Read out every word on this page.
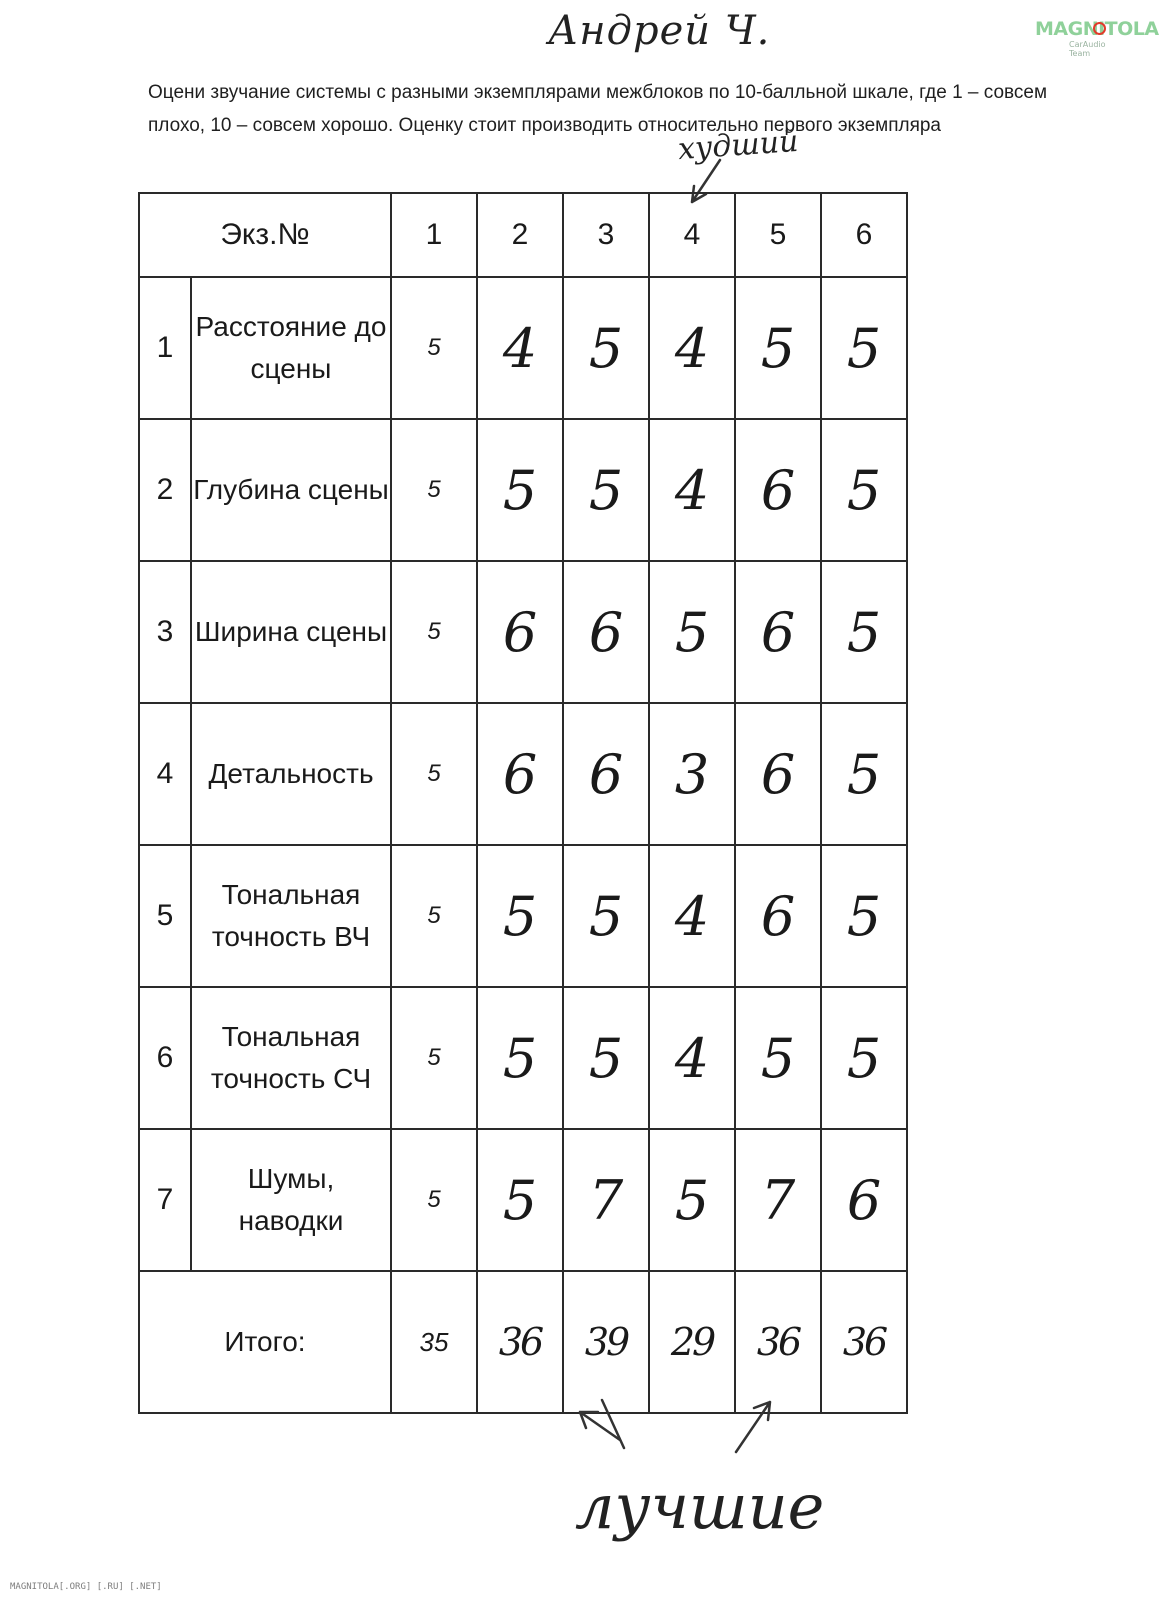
Андрей Ч.	MAGNITOLA
CarAudio Team
Оцени звучание системы с разными экземплярами межблоков по 10-балльной шкале, где 1 – совсем плохо, 10 – совсем хорошо. Оценку стоит производить относительно первого экземпляра
худший
Экз.№		1	2	3	4	5	6
1	Расстояние до сцены	5	4	5	4	5	5
2	Глубина сцены	5	5	5	4	6	5
3	Ширина сцены	5	6	6	5	6	5
4	Детальность	5	6	6	3	6	5
5	Тональная точность ВЧ	5	5	5	4	6	5
6	Тональная точность СЧ	5	5	5	4	5	5
7	Шумы, наводки	5	5	7	5	7	6
Итого:		35	36	39	29	36	36
лучшие
MAGNITOLA[.ORG] [.RU] [.NET]
